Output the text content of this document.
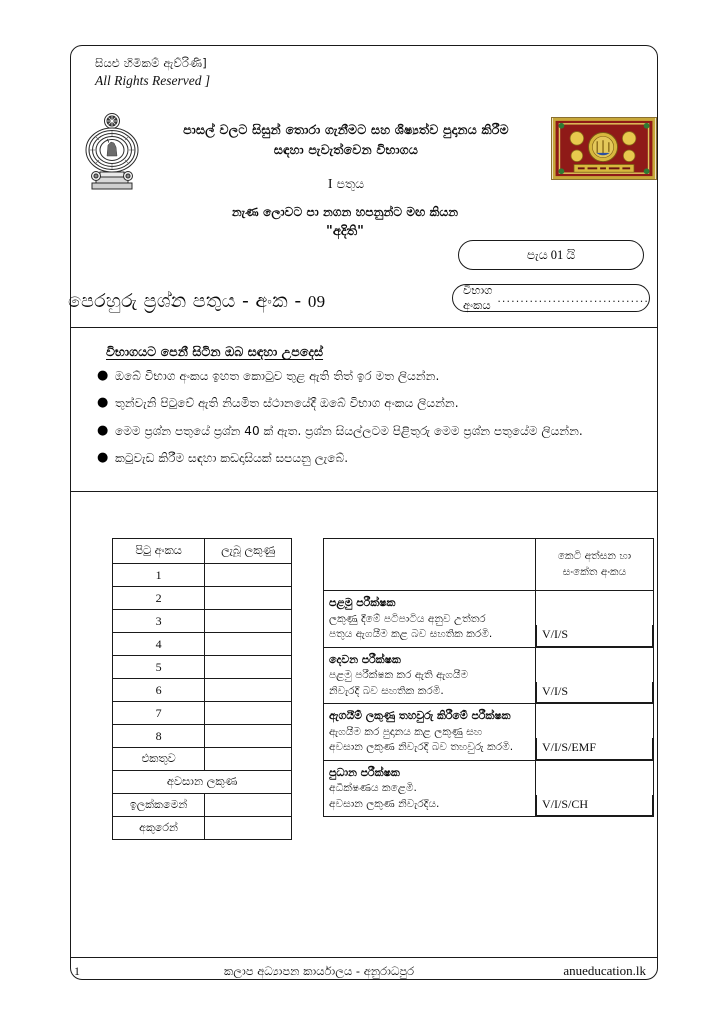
සියළු හිමිකම් ඇව්රිණි]
All Rights Reserved ]
පාසල් වලට සිසුන් තොරා ගැනීමට සහ ශිෂ්‍යත්ව පුදානය කිරීම
සඳහා පැවැත්වෙන විභාගය
I පතුය
නැණ ලොවට පා නගන හපනුන්ට මඟ කියන
"අදිති"
පැය 01 යි
විභාග අංකය .................................
පෙරහුරු ප්‍රශ්න පතුය - අංක - 09
විභාගයට පෙනී සිටින ඔබ සඳහා උපදෙස්
● ඔබේ විභාග අංකය ඉහත කොටුව තුළ ඇති තිත් ඉර මත ලියන්න.
● තුන්වැනි පිටුවේ ඇති නියමිත ස්ථානයේදී ඔබේ විභාග අංකය ලියන්න.
● මෙම ප්‍රශ්න පතුයේ ප්‍රශ්න 40 ක් ඇත. ප්‍රශ්න සියල්ලටම පිළිතුරු මෙම ප්‍රශ්න පතුයේම ලියන්න.
● කටුවැඩ කිරීම සඳහා කඩදාසියක් සපයනු ලැබේ.
පිටු අංකය	ලැබූ ලකුණු
1	
2	
3	
4	
5	
6	
7	
8	
එකතුව	
අවසාන ලකුණ	
ඉලක්කමෙන්	
අකුරෙන්	
	කෙටි අත්සන හා
සංකේත අංකය

පළමු පරීක්ෂක
ලකුණු දීමේ පටිපාටිය අනුව උත්තර
පතුය ඇගයීම කළ බව සහතික කරමි.	V/I/S

දෙවන පරීක්ෂක
පළමු පරීක්ෂක කර ඇති ඇගයීම
නිවැරදි බව සහතික කරමි.	V/I/S

ඇගයීම් ලකුණු තහවුරු කිරීමේ පරීක්ෂක
ඇගයීම කර පුදානය කළ ලකුණු සහ
අවසාන ලකුණ නිවැරදි බව තහවුරු කරමි.	V/I/S/EMF

පුධාන පරීක්ෂක
අධීක්ෂණය කළෙමි.
අවසාන ලකුණ නිවැරදිය.	V/I/S/CH
1	කලාප අධ්‍යාපන කාර්යාලය - අනුරාධපුර	anueducation.lk
